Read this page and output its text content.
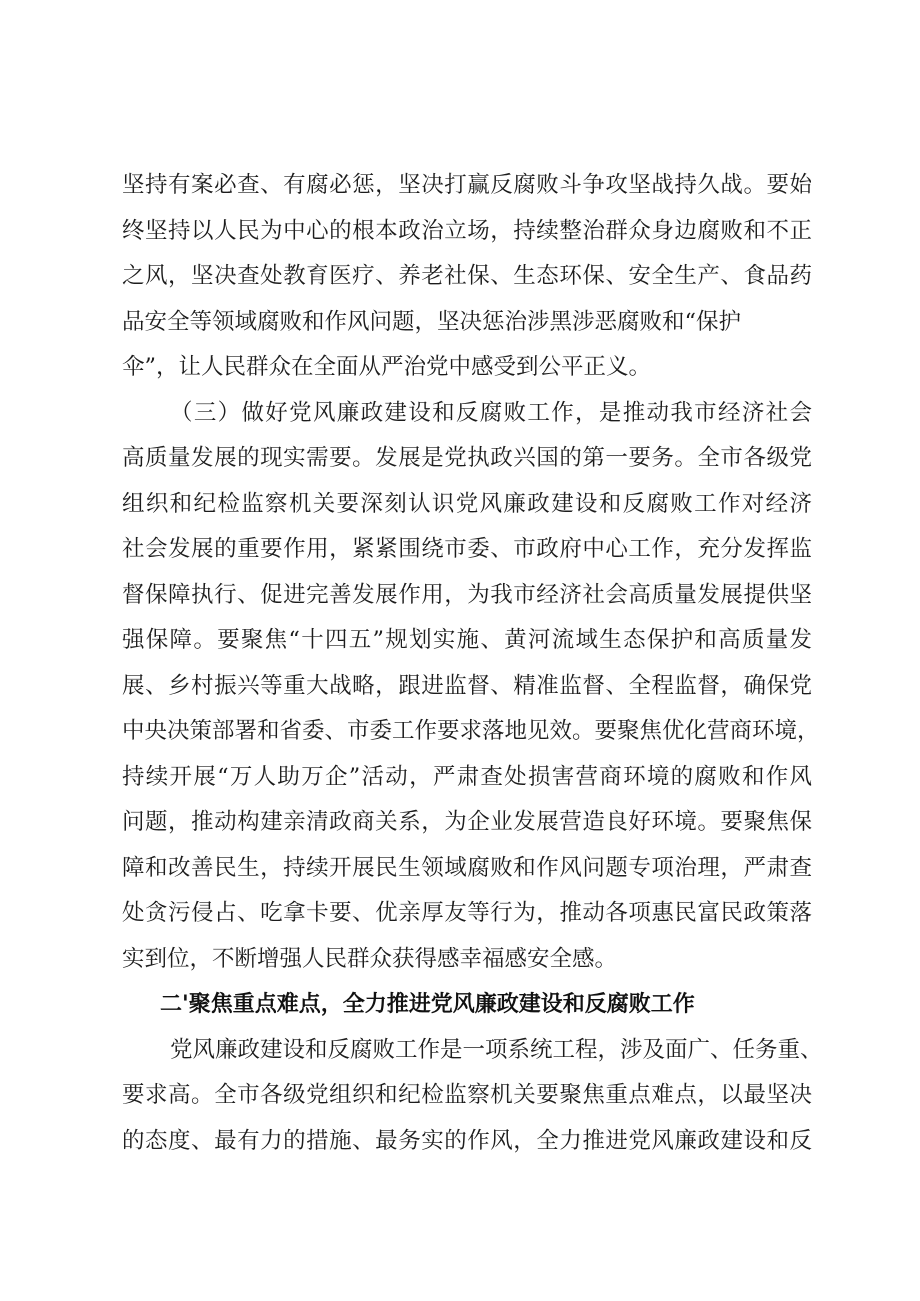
坚持有案必查、有腐必惩，坚决打赢反腐败斗争攻坚战持久战。要始
终坚持以人民为中心的根本政治立场，持续整治群众身边腐败和不正
之风，坚决查处教育医疗、养老社保、生态环保、安全生产、食品药
品安全等领域腐败和作风问题，坚决惩治涉黑涉恶腐败和“保护
伞”，让人民群众在全面从严治党中感受到公平正义。
（三）做好党风廉政建设和反腐败工作，是推动我市经济社会
高质量发展的现实需要。发展是党执政兴国的第一要务。全市各级党
组织和纪检监察机关要深刻认识党风廉政建设和反腐败工作对经济
社会发展的重要作用，紧紧围绕市委、市政府中心工作，充分发挥监
督保障执行、促进完善发展作用，为我市经济社会高质量发展提供坚
强保障。要聚焦“十四五”规划实施、黄河流域生态保护和高质量发
展、乡村振兴等重大战略，跟进监督、精准监督、全程监督，确保党
中央决策部署和省委、市委工作要求落地见效。要聚焦优化营商环境，
持续开展“万人助万企”活动，严肃查处损害营商环境的腐败和作风
问题，推动构建亲清政商关系，为企业发展营造良好环境。要聚焦保
障和改善民生，持续开展民生领域腐败和作风问题专项治理，严肃查
处贪污侵占、吃拿卡要、优亲厚友等行为，推动各项惠民富民政策落
实到位，不断增强人民群众获得感幸福感安全感。
二'聚焦重点难点，全力推进党风廉政建设和反腐败工作
党风廉政建设和反腐败工作是一项系统工程，涉及面广、任务重、
要求高。全市各级党组织和纪检监察机关要聚焦重点难点，以最坚决
的态度、最有力的措施、最务实的作风，全力推进党风廉政建设和反
